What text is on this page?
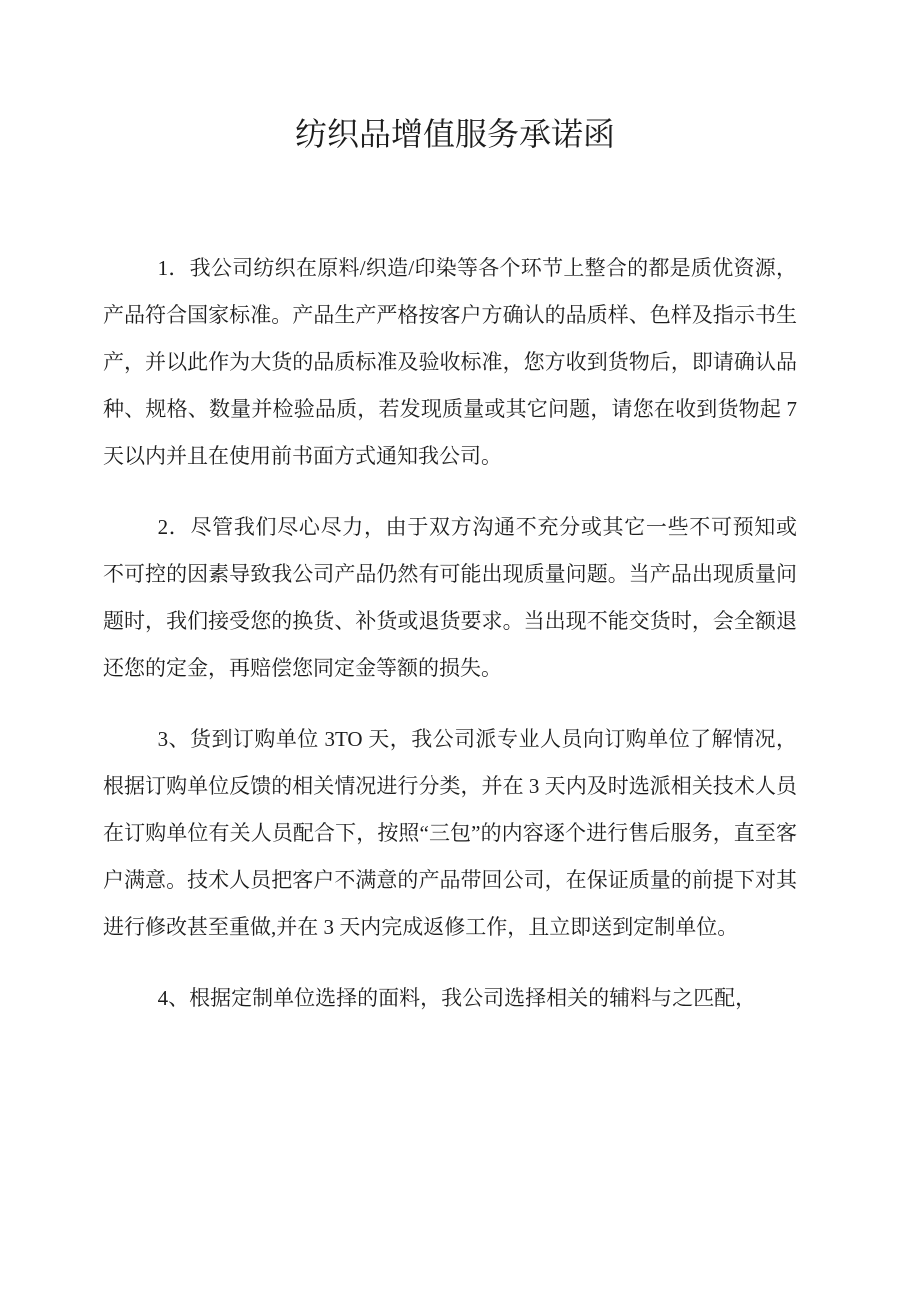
纺织品增值服务承诺函

1．我公司纺织在原料/织造/印染等各个环节上整合的都是质优资源，产品符合国家标准。产品生产严格按客户方确认的品质样、色样及指示书生产，并以此作为大货的品质标准及验收标准，您方收到货物后，即请确认品种、规格、数量并检验品质，若发现质量或其它问题，请您在收到货物起 7 天以内并且在使用前书面方式通知我公司。

2．尽管我们尽心尽力，由于双方沟通不充分或其它一些不可预知或不可控的因素导致我公司产品仍然有可能出现质量问题。当产品出现质量问题时，我们接受您的换货、补货或退货要求。当出现不能交货时，会全额退还您的定金，再赔偿您同定金等额的损失。

3、货到订购单位 3TO 天，我公司派专业人员向订购单位了解情况，根据订购单位反馈的相关情况进行分类，并在 3 天内及时选派相关技术人员在订购单位有关人员配合下，按照“三包”的内容逐个进行售后服务，直至客户满意。技术人员把客户不满意的产品带回公司，在保证质量的前提下对其进行修改甚至重做,并在 3 天内完成返修工作，且立即送到定制单位。

4、根据定制单位选择的面料，我公司选择相关的辅料与之匹配，
